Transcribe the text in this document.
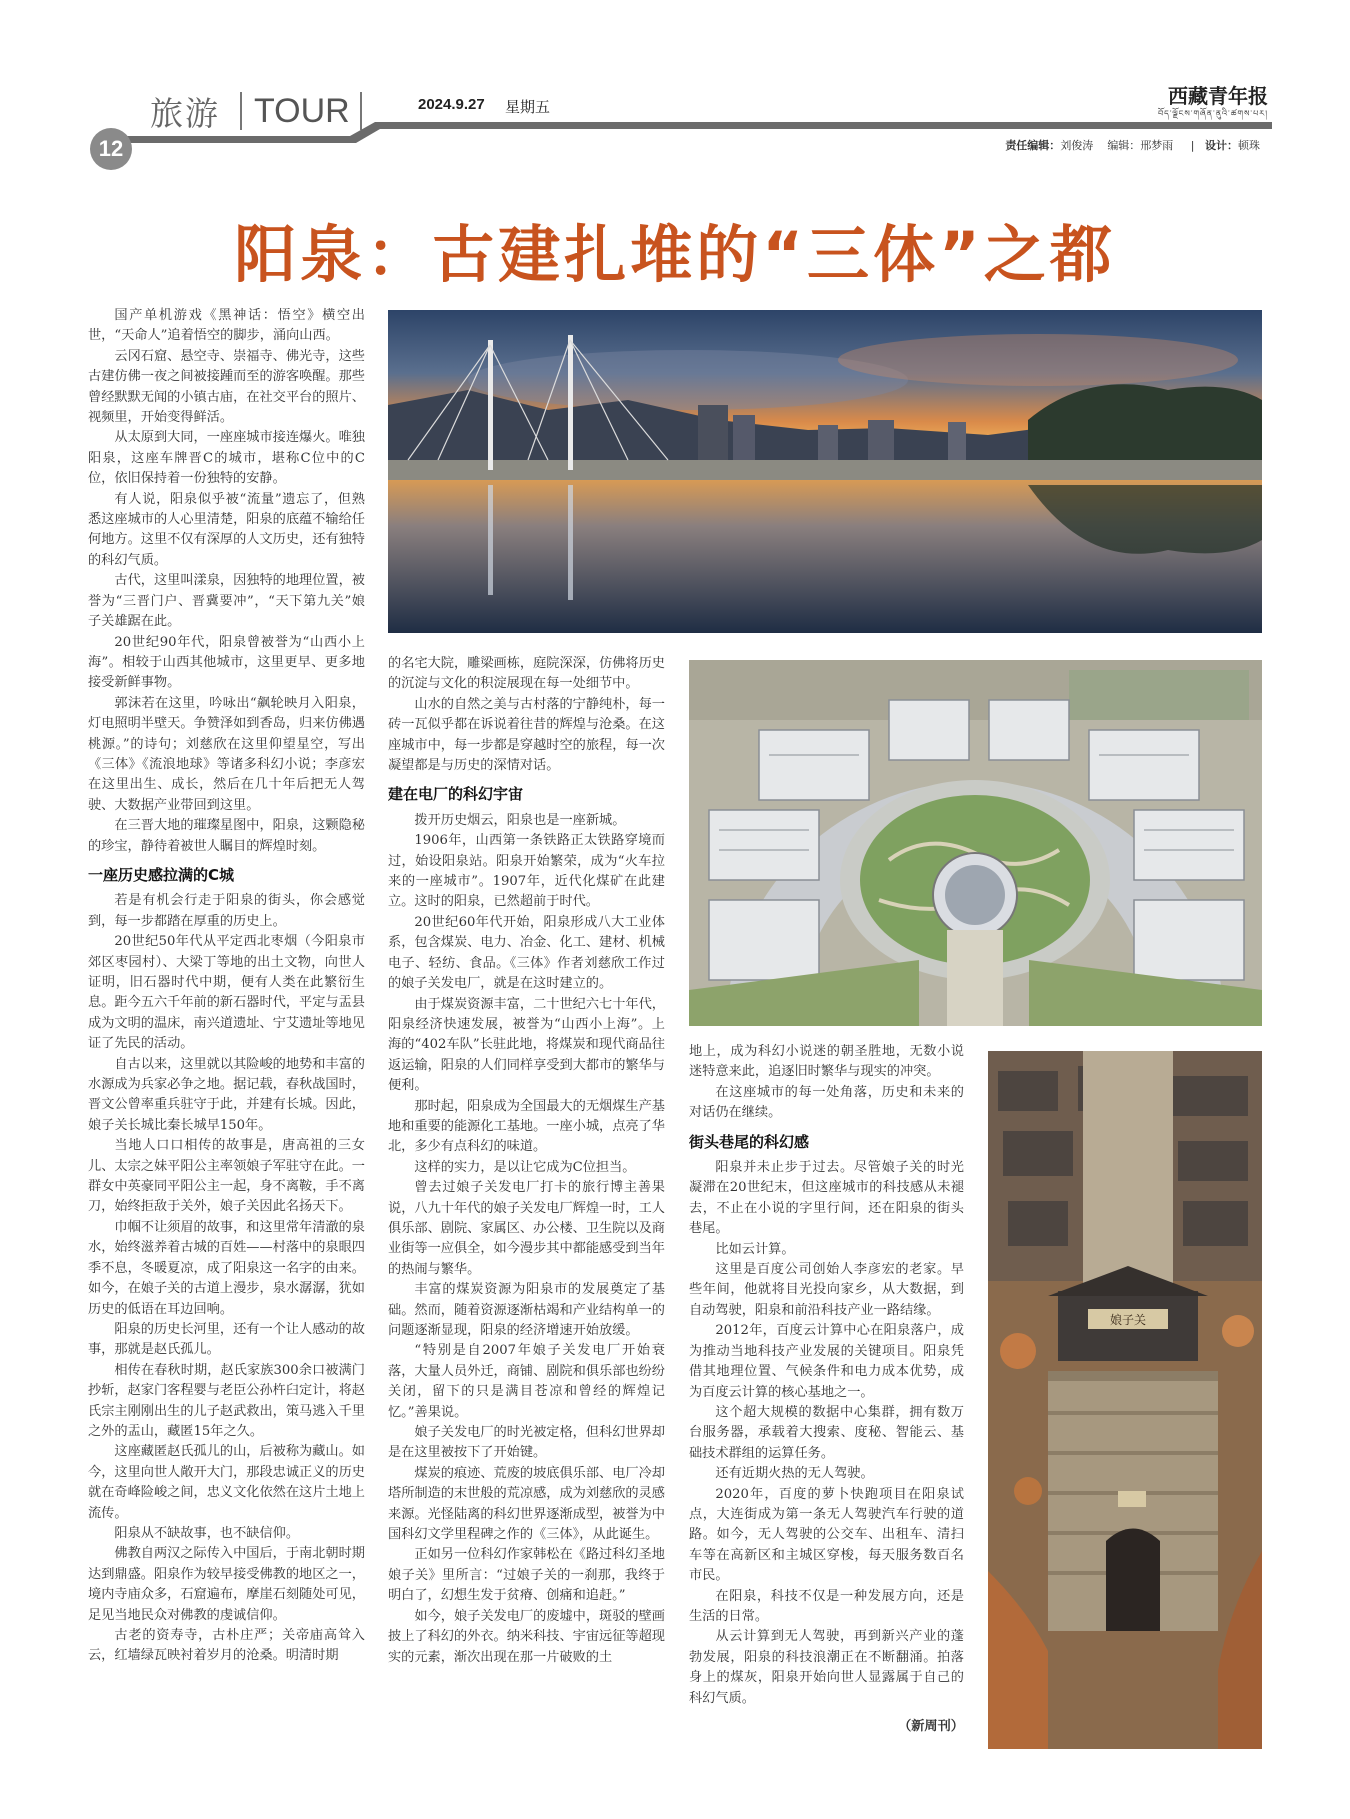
旅游 TOUR	2024.9.27 星期五	西藏青年报
བོད་ལྗོངས་གཞོན་ནུའི་ཚགས་པར།
12	责任编辑：刘俊涛 编辑：邢梦雨     |   设计：顿珠
阳泉：古建扎堆的“三体”之都

国产单机游戏《黑神话：悟空》横空出世，“天命人”追着悟空的脚步，涌向山西。

云冈石窟、悬空寺、崇福寺、佛光寺，这些古建仿佛一夜之间被接踵而至的游客唤醒。那些曾经默默无闻的小镇古庙，在社交平台的照片、视频里，开始变得鲜活。

从太原到大同，一座座城市接连爆火。唯独阳泉，这座车牌晋C的城市，堪称C位中的C位，依旧保持着一份独特的安静。

有人说，阳泉似乎被“流量”遗忘了，但熟悉这座城市的人心里清楚，阳泉的底蕴不输给任何地方。这里不仅有深厚的人文历史，还有独特的科幻气质。

古代，这里叫漾泉，因独特的地理位置，被誉为“三晋门户、晋冀要冲”，“天下第九关”娘子关雄踞在此。

20世纪90年代，阳泉曾被誉为“山西小上海”。相较于山西其他城市，这里更早、更多地接受新鲜事物。

郭沫若在这里，吟咏出“飙轮映月入阳泉，灯电照明半壁天。争赞泽如到香岛，归来仿佛遇桃源。”的诗句；刘慈欣在这里仰望星空，写出《三体》《流浪地球》等诸多科幻小说；李彦宏在这里出生、成长，然后在几十年后把无人驾驶、大数据产业带回到这里。

在三晋大地的璀璨星图中，阳泉，这颗隐秘的珍宝，静待着被世人瞩目的辉煌时刻。

一座历史感拉满的C城

若是有机会行走于阳泉的街头，你会感觉到，每一步都踏在厚重的历史上。

20世纪50年代从平定西北枣烟（今阳泉市郊区枣园村）、大梁丁等地的出土文物，向世人证明，旧石器时代中期，便有人类在此繁衍生息。距今五六千年前的新石器时代，平定与盂县成为文明的温床，南兴道遗址、宁艾遗址等地见证了先民的活动。

自古以来，这里就以其险峻的地势和丰富的水源成为兵家必争之地。据记载，春秋战国时，晋文公曾率重兵驻守于此，并建有长城。因此，娘子关长城比秦长城早150年。

当地人口口相传的故事是，唐高祖的三女儿、太宗之妹平阳公主率领娘子军驻守在此。一群女中英豪同平阳公主一起，身不离鞍，手不离刀，始终拒敌于关外，娘子关因此名扬天下。

巾帼不让须眉的故事，和这里常年清澈的泉水，始终滋养着古城的百姓——村落中的泉眼四季不息，冬暖夏凉，成了阳泉这一名字的由来。如今，在娘子关的古道上漫步，泉水潺潺，犹如历史的低语在耳边回响。

阳泉的历史长河里，还有一个让人感动的故事，那就是赵氏孤儿。

相传在春秋时期，赵氏家族300余口被满门抄斩，赵家门客程婴与老臣公孙杵臼定计，将赵氏宗主刚刚出生的儿子赵武救出，策马逃入千里之外的盂山，藏匿15年之久。

这座藏匿赵氏孤儿的山，后被称为藏山。如今，这里向世人敞开大门，那段忠诚正义的历史就在奇峰险峻之间，忠义文化依然在这片土地上流传。

阳泉从不缺故事，也不缺信仰。

佛教自两汉之际传入中国后，于南北朝时期达到鼎盛。阳泉作为较早接受佛教的地区之一，境内寺庙众多，石窟遍布，摩崖石刻随处可见，足见当地民众对佛教的虔诚信仰。

古老的资寿寺，古朴庄严；关帝庙高耸入云，红墙绿瓦映衬着岁月的沧桑。明清时期

的名宅大院，雕梁画栋，庭院深深，仿佛将历史的沉淀与文化的积淀展现在每一处细节中。

山水的自然之美与古村落的宁静纯朴，每一砖一瓦似乎都在诉说着往昔的辉煌与沧桑。在这座城市中，每一步都是穿越时空的旅程，每一次凝望都是与历史的深情对话。

建在电厂的科幻宇宙

拨开历史烟云，阳泉也是一座新城。

1906年，山西第一条铁路正太铁路穿境而过，始设阳泉站。阳泉开始繁荣，成为“火车拉来的一座城市”。1907年，近代化煤矿在此建立。这时的阳泉，已然超前于时代。

20世纪60年代开始，阳泉形成八大工业体系，包含煤炭、电力、冶金、化工、建材、机械电子、轻纺、食品。《三体》作者刘慈欣工作过的娘子关发电厂，就是在这时建立的。

由于煤炭资源丰富，二十世纪六七十年代，阳泉经济快速发展，被誉为“山西小上海”。上海的“402车队”长驻此地，将煤炭和现代商品往返运输，阳泉的人们同样享受到大都市的繁华与便利。

那时起，阳泉成为全国最大的无烟煤生产基地和重要的能源化工基地。一座小城，点亮了华北，多少有点科幻的味道。

这样的实力，是以让它成为C位担当。

曾去过娘子关发电厂打卡的旅行博主善果说，八九十年代的娘子关发电厂辉煌一时，工人俱乐部、剧院、家属区、办公楼、卫生院以及商业街等一应俱全，如今漫步其中都能感受到当年的热闹与繁华。

丰富的煤炭资源为阳泉市的发展奠定了基础。然而，随着资源逐渐枯竭和产业结构单一的问题逐渐显现，阳泉的经济增速开始放缓。

“特别是自2007年娘子关发电厂开始衰落，大量人员外迁，商铺、剧院和俱乐部也纷纷关闭，留下的只是满目苍凉和曾经的辉煌记忆。”善果说。

娘子关发电厂的时光被定格，但科幻世界却是在这里被按下了开始键。

煤炭的痕迹、荒废的坡底俱乐部、电厂冷却塔所制造的末世般的荒凉感，成为刘慈欣的灵感来源。光怪陆离的科幻世界逐渐成型，被誉为中国科幻文学里程碑之作的《三体》，从此诞生。

正如另一位科幻作家韩松在《路过科幻圣地娘子关》里所言：“过娘子关的一刹那，我终于明白了，幻想生发于贫瘠、创痛和追赶。”

如今，娘子关发电厂的废墟中，斑驳的壁画披上了科幻的外衣。纳米科技、宇宙远征等超现实的元素，渐次出现在那一片破败的土

地上，成为科幻小说迷的朝圣胜地，无数小说迷特意来此，追逐旧时繁华与现实的冲突。

在这座城市的每一处角落，历史和未来的对话仍在继续。

街头巷尾的科幻感

阳泉并未止步于过去。尽管娘子关的时光凝滞在20世纪末，但这座城市的科技感从未褪去，不止在小说的字里行间，还在阳泉的街头巷尾。

比如云计算。

这里是百度公司创始人李彦宏的老家。早些年间，他就将目光投向家乡，从大数据，到自动驾驶，阳泉和前沿科技产业一路结缘。

2012年，百度云计算中心在阳泉落户，成为推动当地科技产业发展的关键项目。阳泉凭借其地理位置、气候条件和电力成本优势，成为百度云计算的核心基地之一。

这个超大规模的数据中心集群，拥有数万台服务器，承载着大搜索、度秘、智能云、基础技术群组的运算任务。

还有近期火热的无人驾驶。

2020年，百度的萝卜快跑项目在阳泉试点，大连街成为第一条无人驾驶汽车行驶的道路。如今，无人驾驶的公交车、出租车、清扫车等在高新区和主城区穿梭，每天服务数百名市民。

在阳泉，科技不仅是一种发展方向，还是生活的日常。

从云计算到无人驾驶，再到新兴产业的蓬勃发展，阳泉的科技浪潮正在不断翻涌。拍落身上的煤灰，阳泉开始向世人显露属于自己的科幻气质。

（新周刊）
娘子关
